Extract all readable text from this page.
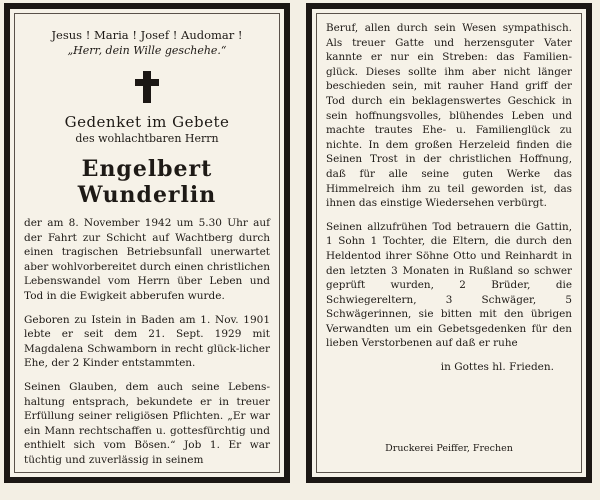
Jesus ! Maria ! Josef ! Audomar !
„Herr, dein Wille geschehe.“
Gedenket im Gebete
des wohlachtbaren Herrn
Engelbert Wunderlin

der am 8. November 1942 um 5.30 Uhr auf der Fahrt zur Schicht auf Wachtberg durch einen tragischen Betriebsunfall unerwartet aber wohlvorbereitet durch einen christlichen Lebenswandel vom Herrn über Leben und Tod in die Ewigkeit abberufen wurde.

Geboren zu Istein in Baden am 1. Nov. 1901 lebte er seit dem 21. Sept. 1929 mit Magdalena Schwamborn in recht glück-licher Ehe, der 2 Kinder entstammten.

Seinen Glauben, dem auch seine Lebens-haltung entsprach, bekundete er in treuer Erfüllung seiner religiösen Pflichten. „Er war ein Mann rechtschaffen u. gottesfürchtig und enthielt sich vom Bösen.“ Job 1. Er war tüchtig und zuverlässig in seinem

Beruf, allen durch sein Wesen sympathisch. Als treuer Gatte und herzensguter Vater kannte er nur ein Streben: das Familien-glück. Dieses sollte ihm aber nicht länger beschieden sein, mit rauher Hand griff der Tod durch ein beklagenswertes Geschick in sein hoffnungsvolles, blühendes Leben und machte trautes Ehe- u. Familienglück zu nichte. In dem großen Herzeleid finden die Seinen Trost in der christlichen Hoffnung, daß für alle seine guten Werke das Himmelreich ihm zu teil geworden ist, das ihnen das einstige Wiedersehen verbürgt.

Seinen allzufrühen Tod betrauern die Gattin, 1 Sohn 1 Tochter, die Eltern, die durch den Heldentod ihrer Söhne Otto und Reinhardt in den letzten 3 Monaten in Rußland so schwer geprüft wurden, 2 Brüder, die Schwiegereltern, 3 Schwäger, 5 Schwägerinnen, sie bitten mit den übrigen Verwandten um ein Gebetsgedenken für den lieben Verstorbenen auf daß er ruhe

in Gottes hl. Frieden.
Druckerei Peiffer, Frechen
